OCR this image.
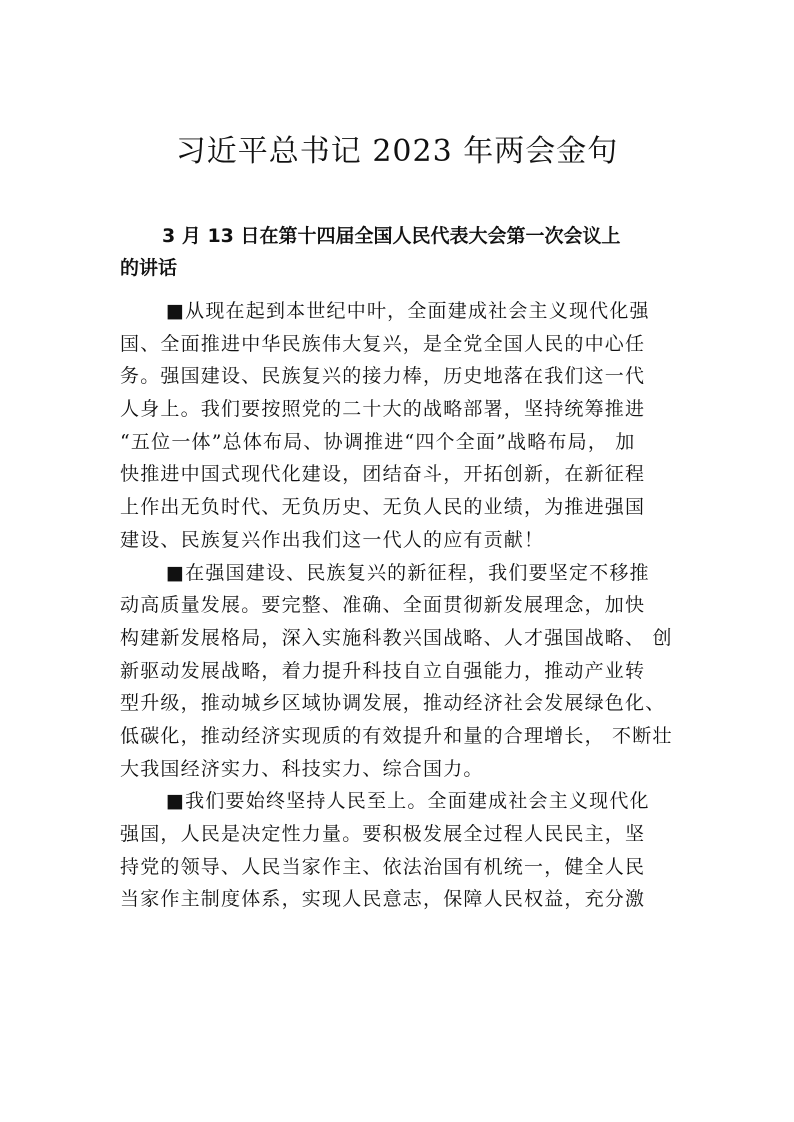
习近平总书记 2023 年两会金句
3 月 13 日在第十四届全国人民代表大会第一次会议上
的讲话
■从现在起到本世纪中叶，全面建成社会主义现代化强
国、全面推进中华民族伟大复兴，是全党全国人民的中心任
务。强国建设、民族复兴的接力棒，历史地落在我们这一代
人身上。我们要按照党的二十大的战略部署，坚持统筹推进
“五位一体”总体布局、协调推进“四个全面”战略布局， 加
快推进中国式现代化建设，团结奋斗，开拓创新，在新征程
上作出无负时代、无负历史、无负人民的业绩，为推进强国
建设、民族复兴作出我们这一代人的应有贡献！
■在强国建设、民族复兴的新征程，我们要坚定不移推
动高质量发展。要完整、准确、全面贯彻新发展理念，加快
构建新发展格局，深入实施科教兴国战略、人才强国战略、 创
新驱动发展战略，着力提升科技自立自强能力，推动产业转
型升级，推动城乡区域协调发展，推动经济社会发展绿色化、
低碳化，推动经济实现质的有效提升和量的合理增长， 不断壮
大我国经济实力、科技实力、综合国力。
■我们要始终坚持人民至上。全面建成社会主义现代化
强国，人民是决定性力量。要积极发展全过程人民民主，坚
持党的领导、人民当家作主、依法治国有机统一，健全人民
当家作主制度体系，实现人民意志，保障人民权益，充分激
